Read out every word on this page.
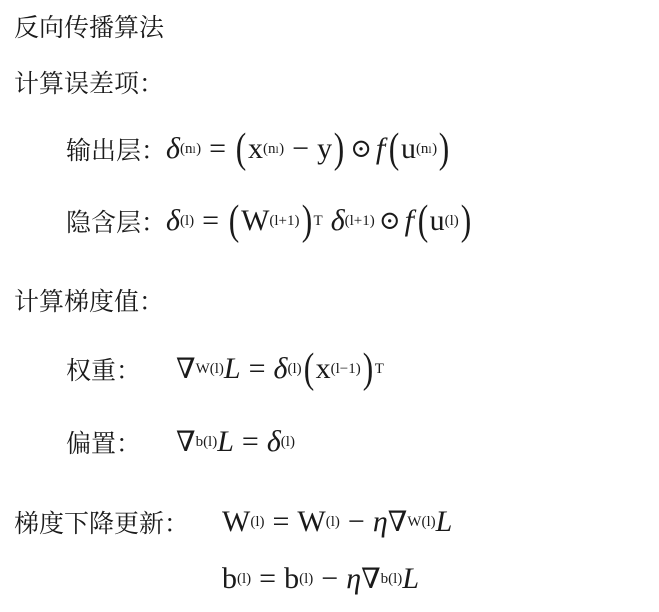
反向传播算法
计算误差项：
输出层： δ (nₗ) = ( x (nₗ) − y ) ⊙ f ' ( u (nₗ) )
隐含层： δ (l) = ( W (l+1) ) T δ (l+1) ⊙ f ' ( u (l) )
计算梯度值：
权重：	∇ W(l) L = δ (l) ( x (l−1) ) T
偏置：	∇ b(l) L = δ (l)
梯度下降更新：	W (l) = W (l) − η ∇ W(l) L
b (l) = b (l) − η ∇ b(l) L
